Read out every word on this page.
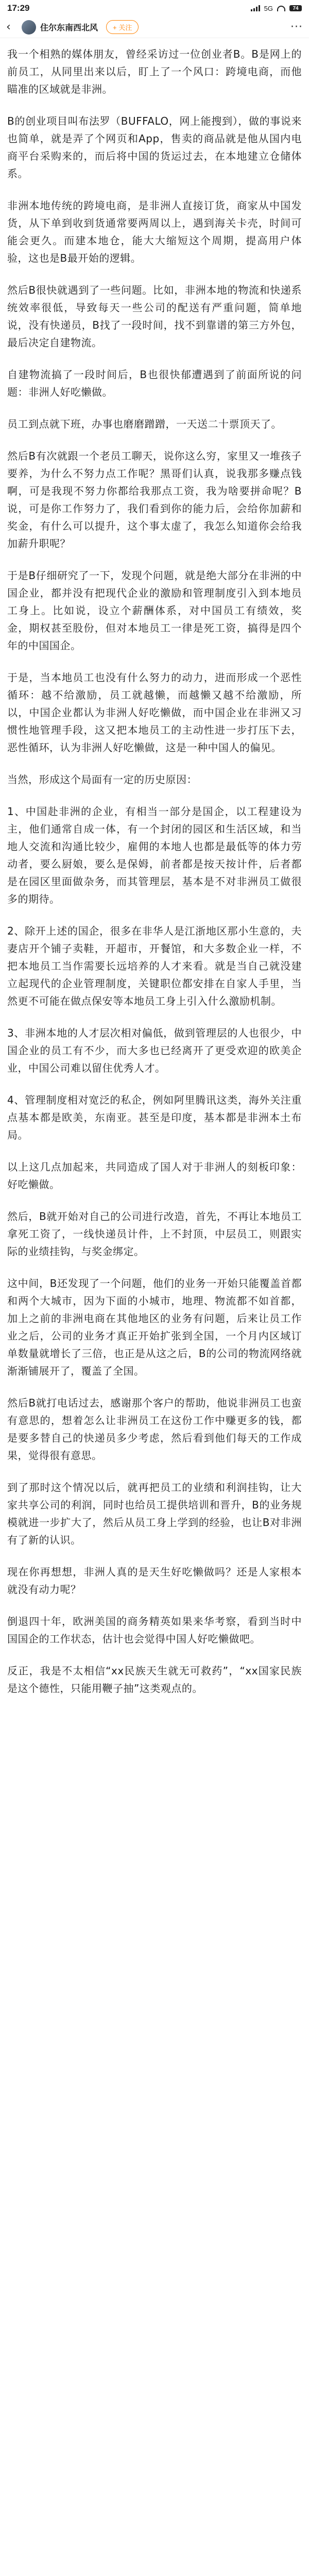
17:29	5G	74
‹	住尔东南西北风	+ 关注	···

我一个相熟的媒体朋友，曾经采访过一位创业者B。B是网上的前员工，从同里出来以后，盯上了一个风口：跨境电商，而他瞄准的区域就是非洲。

B的创业项目叫布法罗（BUFFALO，网上能搜到），做的事说来也简单，就是弄了个网页和App，售卖的商品就是他从国内电商平台采购来的，而后将中国的货运过去，在本地建立仓储体系。

非洲本地传统的跨境电商，是非洲人直接订货，商家从中国发货，从下单到收到货通常要两周以上，遇到海关卡壳，时间可能会更久。而建本地仓，能大大缩短这个周期，提高用户体验，这也是B最开始的逻辑。

然后B很快就遇到了一些问题。比如，非洲本地的物流和快递系统效率很低，导致每天一些公司的配送有严重问题，简单地说，没有快递员，B找了一段时间，找不到靠谱的第三方外包，最后决定自建物流。

自建物流搞了一段时间后，B也很快郁遭遇到了前面所说的问题：非洲人好吃懒做。

员工到点就下班，办事也磨磨蹭蹭，一天送二十票顶天了。

然后B有次就跟一个老员工聊天，说你这么穷，家里又一堆孩子要养，为什么不努力点工作呢？黑哥们认真，说我那多赚点钱啊，可是我现不努力你都给我那点工资，我为啥要拼命呢？B说，可是你工作努力了，我们看到你的能力后，会给你加薪和奖金，有什么可以提升，这个事太虚了，我怎么知道你会给我加薪升职呢？

于是B仔细研究了一下，发现个问题，就是绝大部分在非洲的中国企业，都并没有把现代企业的激励和管理制度引入到本地员工身上。比如说，设立个薪酬体系，对中国员工有绩效，奖金，期权甚至股份，但对本地员工一律是死工资，搞得是四个年的中国国企。

于是，当本地员工也没有什么努力的动力，进而形成一个恶性循环：越不给激励，员工就越懒，而越懒又越不给激励，所以，中国企业都认为非洲人好吃懒做，而中国企业在非洲又习惯性地管理手段，这又把本地员工的主动性进一步打压下去，恶性循环，认为非洲人好吃懒做，这是一种中国人的偏见。

当然，形成这个局面有一定的历史原因：

1、中国赴非洲的企业，有相当一部分是国企，以工程建设为主，他们通常自成一体，有一个封闭的园区和生活区域，和当地人交流和沟通比较少，雇佣的本地人也都是最低等的体力劳动者，要么厨娘，要么是保姆，前者都是按天按计件，后者都是在园区里面做杂务，而其管理层，基本是不对非洲员工做很多的期待。

2、除开上述的国企，很多在非华人是江浙地区那小生意的，夫妻店开个铺子卖鞋，开超市，开餐馆，和大多数企业一样，不把本地员工当作需要长远培养的人才来看。就是当自己就没建立起现代的企业管理制度，关键职位都安排在自家人手里，当然更不可能在做点保安等本地员工身上引入什么激励机制。

3、非洲本地的人才层次相对偏低，做到管理层的人也很少，中国企业的员工有不少，而大多也已经离开了更受欢迎的欧美企业，中国公司难以留住优秀人才。

4、管理制度相对宽泛的私企，例如阿里腾讯这类，海外关注重点基本都是欧美，东南亚。甚至是印度，基本都是非洲本土布局。

以上这几点加起来，共同造成了国人对于非洲人的刻板印象：好吃懒做。

然后，B就开始对自己的公司进行改造，首先，不再让本地员工拿死工资了，一线快递员计件，上不封顶，中层员工，则跟实际的业绩挂钩，与奖金绑定。

这中间，B还发现了一个问题，他们的业务一开始只能覆盖首都和两个大城市，因为下面的小城市，地理、物流都不如首都，加上之前的非洲电商在其他地区的业务有问题，后来让员工作业之后，公司的业务才真正开始扩张到全国，一个月内区域订单数量就增长了三倍，也正是从这之后，B的公司的物流网络就渐渐铺展开了，覆盖了全国。

然后B就打电话过去，感谢那个客户的帮助，他说非洲员工也蛮有意思的，想着怎么让非洲员工在这份工作中赚更多的钱，都是要多替自己的快递员多少考虑，然后看到他们每天的工作成果，觉得很有意思。

到了那时这个情况以后，就再把员工的业绩和利润挂钩，让大家共享公司的利润，同时也给员工提供培训和晋升，B的业务规模就进一步扩大了，然后从员工身上学到的经验，也让B对非洲有了新的认识。

现在你再想想，非洲人真的是天生好吃懒做吗？还是人家根本就没有动力呢？

倒退四十年，欧洲美国的商务精英如果来华考察，看到当时中国国企的工作状态，估计也会觉得中国人好吃懒做吧。

反正，我是不太相信“xx民族天生就无可救药”，“xx国家民族是这个德性，只能用鞭子抽”这类观点的。
